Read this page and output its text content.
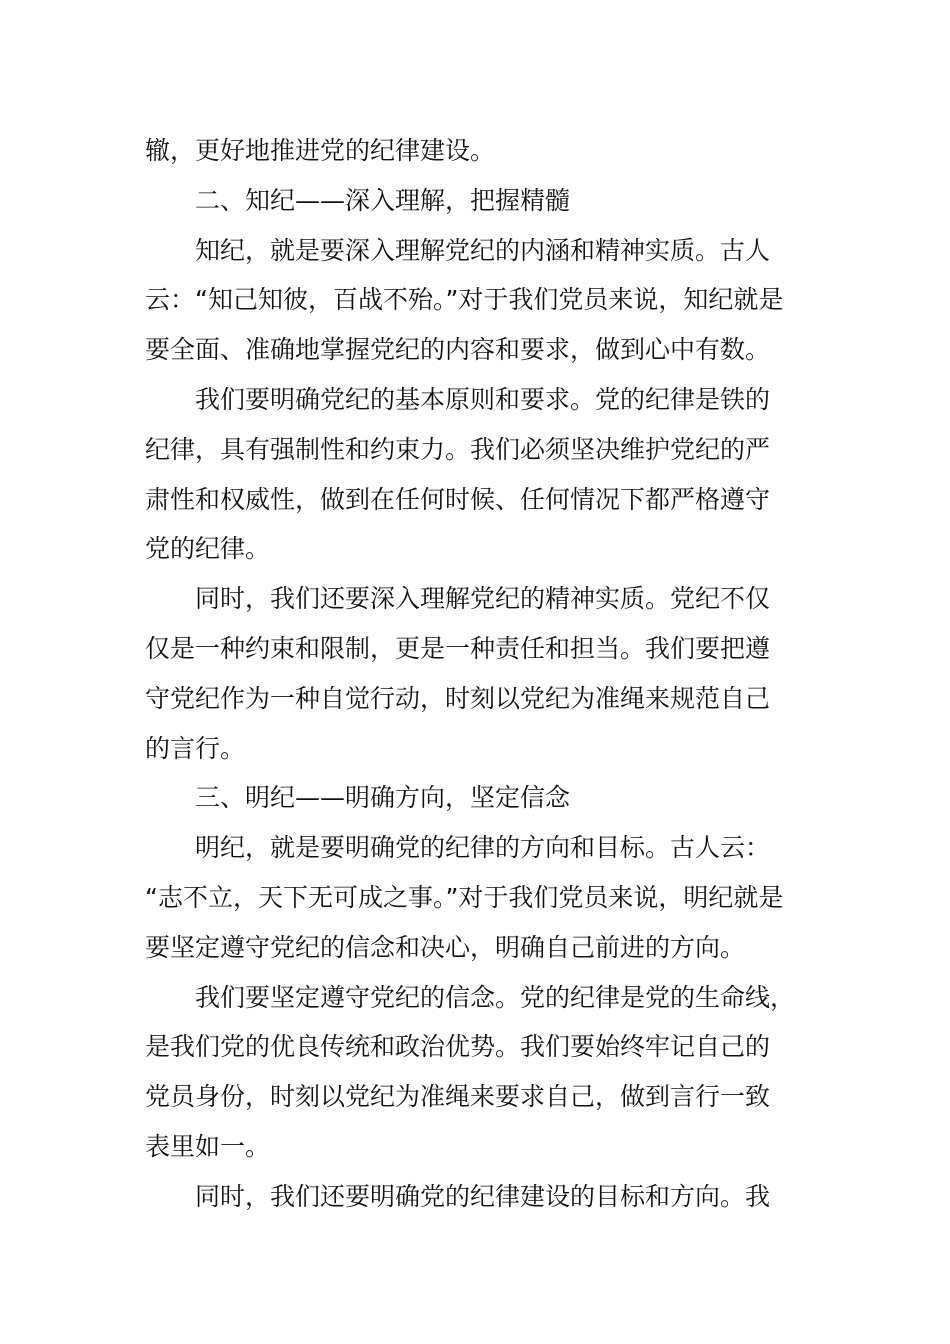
辙，更好地推进党的纪律建设。
二、知纪——深入理解，把握精髓
知纪，就是要深入理解党纪的内涵和精神实质。古人
云：“知己知彼，百战不殆。”对于我们党员来说，知纪就是
要全面、准确地掌握党纪的内容和要求，做到心中有数。
我们要明确党纪的基本原则和要求。党的纪律是铁的
纪律，具有强制性和约束力。我们必须坚决维护党纪的严
肃性和权威性，做到在任何时候、任何情况下都严格遵守
党的纪律。
同时，我们还要深入理解党纪的精神实质。党纪不仅
仅是一种约束和限制，更是一种责任和担当。我们要把遵
守党纪作为一种自觉行动，时刻以党纪为准绳来规范自己
的言行。
三、明纪——明确方向，坚定信念
明纪，就是要明确党的纪律的方向和目标。古人云：
“志不立，天下无可成之事。”对于我们党员来说，明纪就是
要坚定遵守党纪的信念和决心，明确自己前进的方向。
我们要坚定遵守党纪的信念。党的纪律是党的生命线，
是我们党的优良传统和政治优势。我们要始终牢记自己的
党员身份，时刻以党纪为准绳来要求自己，做到言行一致
表里如一。
同时，我们还要明确党的纪律建设的目标和方向。我
